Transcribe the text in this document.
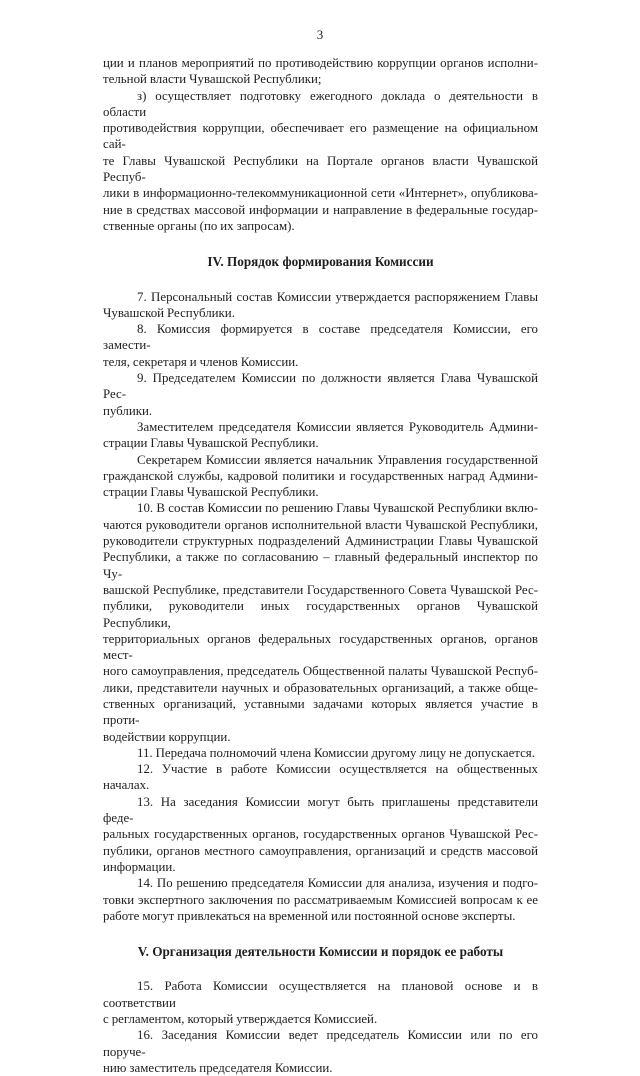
3
ции и планов мероприятий по противодействию коррупции органов исполни-
тельной власти Чувашской Республики;
з) осуществляет подготовку ежегодного доклада о деятельности в области
противодействия коррупции, обеспечивает его размещение на официальном сай-
те Главы Чувашской Республики на Портале органов власти Чувашской Респуб-
лики в информационно-телекоммуникационной сети «Интернет», опубликова-
ние в средствах массовой информации и направление в федеральные государ-
ственные органы (по их запросам).
IV. Порядок формирования Комиссии
7. Персональный состав Комиссии утверждается распоряжением Главы
Чувашской Республики.
8. Комиссия формируется в составе председателя Комиссии, его замести-
теля, секретаря и членов Комиссии.
9. Председателем Комиссии по должности является Глава Чувашской Рес-
публики.
Заместителем председателя Комиссии является Руководитель Админи-
страции Главы Чувашской Республики.
Секретарем Комиссии является начальник Управления государственной
гражданской службы, кадровой политики и государственных наград Админи-
страции Главы Чувашской Республики.
10. В состав Комиссии по решению Главы Чувашской Республики вклю-
чаются руководители органов исполнительной власти Чувашской Республики,
руководители структурных подразделений Администрации Главы Чувашской
Республики, а также по согласованию – главный федеральный инспектор по Чу-
вашской Республике, представители Государственного Совета Чувашской Рес-
публики, руководители иных государственных органов Чувашской Республики,
территориальных органов федеральных государственных органов, органов мест-
ного самоуправления, председатель Общественной палаты Чувашской Респуб-
лики, представители научных и образовательных организаций, а также обще-
ственных организаций, уставными задачами которых является участие в проти-
водействии коррупции.
11. Передача полномочий члена Комиссии другому лицу не допускается.
12. Участие в работе Комиссии осуществляется на общественных началах.
13. На заседания Комиссии могут быть приглашены представители феде-
ральных государственных органов, государственных органов Чувашской Рес-
публики, органов местного самоуправления, организаций и средств массовой
информации.
14. По решению председателя Комиссии для анализа, изучения и подго-
товки экспертного заключения по рассматриваемым Комиссией вопросам к ее
работе могут привлекаться на временной или постоянной основе эксперты.
V. Организация деятельности Комиссии и порядок ее работы
15. Работа Комиссии осуществляется на плановой основе и в соответствии
с регламентом, который утверждается Комиссией.
16. Заседания Комиссии ведет председатель Комиссии или по его поруче-
нию заместитель председателя Комиссии.
